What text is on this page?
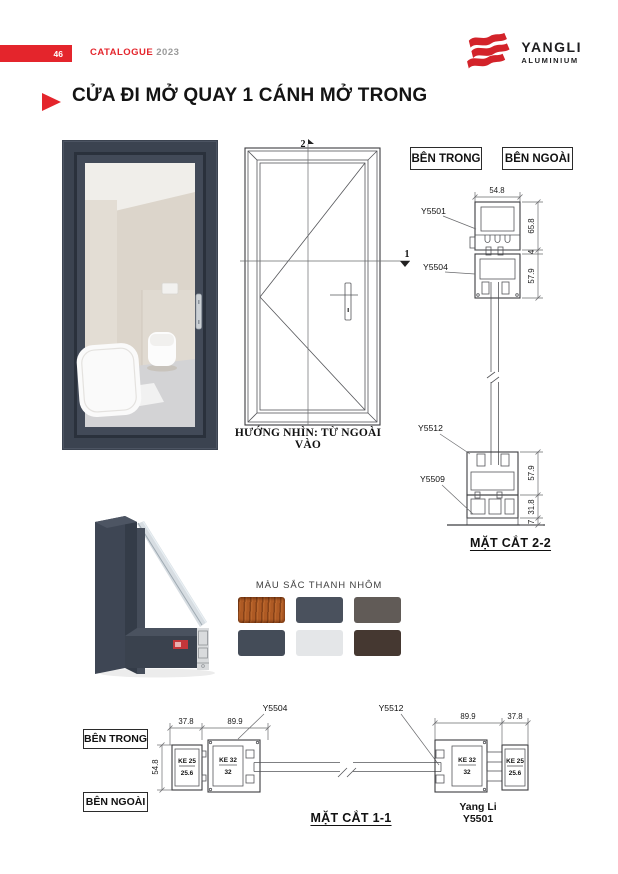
46	CATALOGUE 2023	YANGLI
ALUMINIUM
CỬA ĐI MỞ QUAY 1 CÁNH MỞ TRONG
1
2
HƯỚNG NHÌN: TỪ NGOÀI VÀO
BÊN TRONG BÊN NGOÀI
54.8
65.8
4
57.9
57.9
31.8
7
Y5501
Y5504
Y5512
Y5509
MẶT CẮT 2-2
MÀU SẮC THANH NHÔM
BÊN TRONG
BÊN NGOÀI
Y5504	Y5512
37.8	89.9
54.8	KE 25
25.6
KE 32
32
KE 32
32
KE 25
25.6
89.9	37.8
MẶT CẮT 1-1
Yang Li
Y5501
